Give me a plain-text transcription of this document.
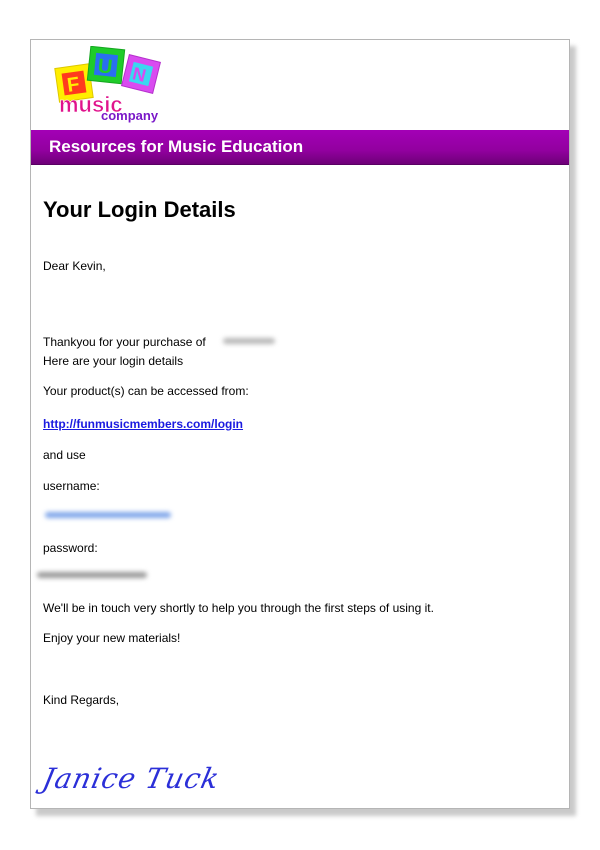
F
U N
music
company
Resources for Music Education
Your Login Details
Dear Kevin,
Thankyou for your purchase of
Here are your login details
Your product(s) can be accessed from:
http://funmusicmembers.com/login
and use
username:
password:
We'll be in touch very shortly to help you through the first steps of using it.
Enjoy your new materials!
Kind Regards,
Janice Tuck
